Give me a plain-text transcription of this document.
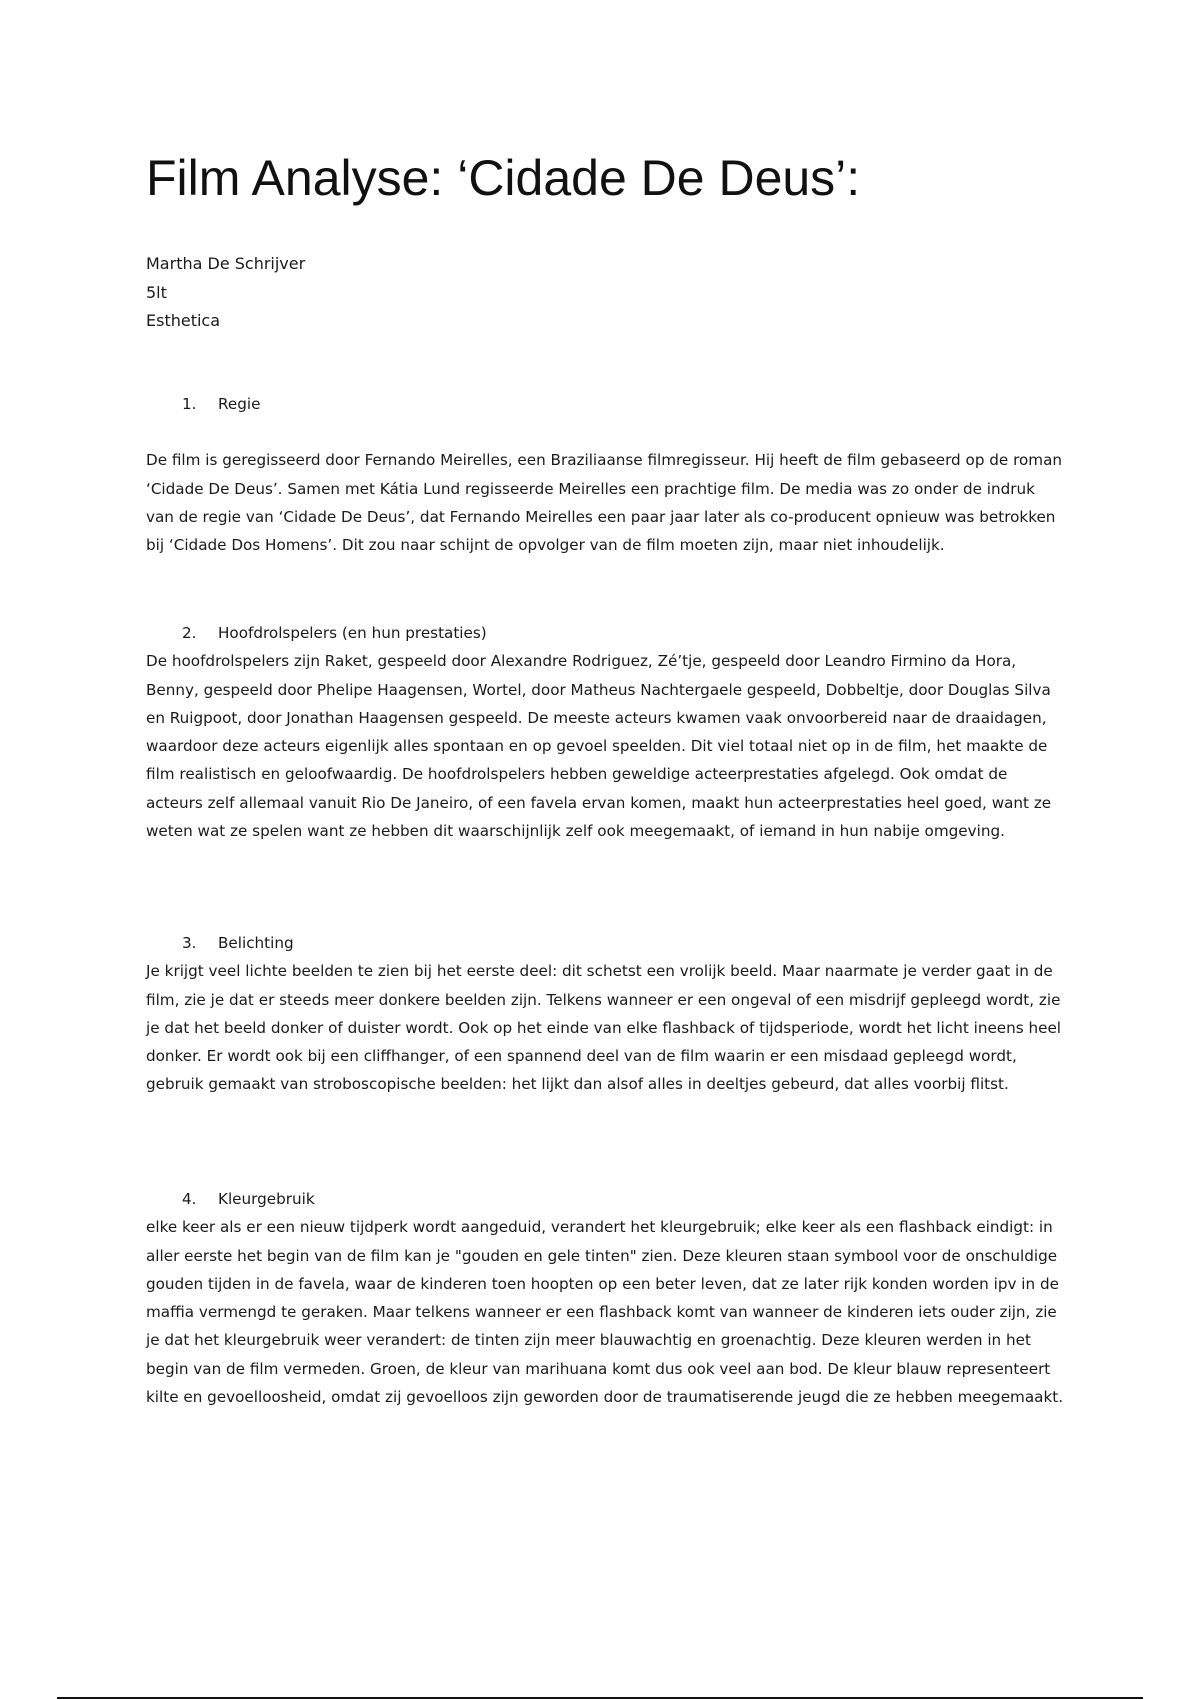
Film Analyse: ‘Cidade De Deus’:
Martha De Schrijver
5lt
Esthetica
1. Regie

De film is geregisseerd door Fernando Meirelles, een Braziliaanse filmregisseur. Hij heeft de film gebaseerd op de roman ‘Cidade De Deus’. Samen met Kátia Lund regisseerde Meirelles een prachtige film. De media was zo onder de indruk van de regie van ‘Cidade De Deus’, dat Fernando Meirelles een paar jaar later als co-producent opnieuw was betrokken bij ‘Cidade Dos Homens’. Dit zou naar schijnt de opvolger van de film moeten zijn, maar niet inhoudelijk.

2. Hoofdrolspelers (en hun prestaties)

De hoofdrolspelers zijn Raket, gespeeld door Alexandre Rodriguez, Zé’tje, gespeeld door Leandro Firmino da Hora, Benny, gespeeld door Phelipe Haagensen, Wortel, door Matheus Nachtergaele gespeeld, Dobbeltje, door Douglas Silva en Ruigpoot, door Jonathan Haagensen gespeeld. De meeste acteurs kwamen vaak onvoorbereid naar de draaidagen, waardoor deze acteurs eigenlijk alles spontaan en op gevoel speelden. Dit viel totaal niet op in de film, het maakte de film realistisch en geloofwaardig. De hoofdrolspelers hebben geweldige acteerprestaties afgelegd. Ook omdat de acteurs zelf allemaal vanuit Rio De Janeiro, of een favela ervan komen, maakt hun acteerprestaties heel goed, want ze weten wat ze spelen want ze hebben dit waarschijnlijk zelf ook meegemaakt, of iemand in hun nabije omgeving.

3. Belichting

Je krijgt veel lichte beelden te zien bij het eerste deel: dit schetst een vrolijk beeld. Maar naarmate je verder gaat in de film, zie je dat er steeds meer donkere beelden zijn. Telkens wanneer er een ongeval of een misdrijf gepleegd wordt, zie je dat het beeld donker of duister wordt. Ook op het einde van elke flashback of tijdsperiode, wordt het licht ineens heel donker. Er wordt ook bij een cliffhanger, of een spannend deel van de film waarin er een misdaad gepleegd wordt, gebruik gemaakt van stroboscopische beelden: het lijkt dan alsof alles in deeltjes gebeurd, dat alles voorbij flitst.

4. Kleurgebruik

elke keer als er een nieuw tijdperk wordt aangeduid, verandert het kleurgebruik; elke keer als een flashback eindigt: in aller eerste het begin van de film kan je "gouden en gele tinten" zien. Deze kleuren staan symbool voor de onschuldige gouden tijden in de favela, waar de kinderen toen hoopten op een beter leven, dat ze later rijk konden worden ipv in de maffia vermengd te geraken. Maar telkens wanneer er een flashback komt van wanneer de kinderen iets ouder zijn, zie je dat het kleurgebruik weer verandert: de tinten zijn meer blauwachtig en groenachtig. Deze kleuren werden in het begin van de film vermeden. Groen, de kleur van marihuana komt dus ook veel aan bod. De kleur blauw representeert kilte en gevoelloosheid, omdat zij gevoelloos zijn geworden door de traumatiserende jeugd die ze hebben meegemaakt.
